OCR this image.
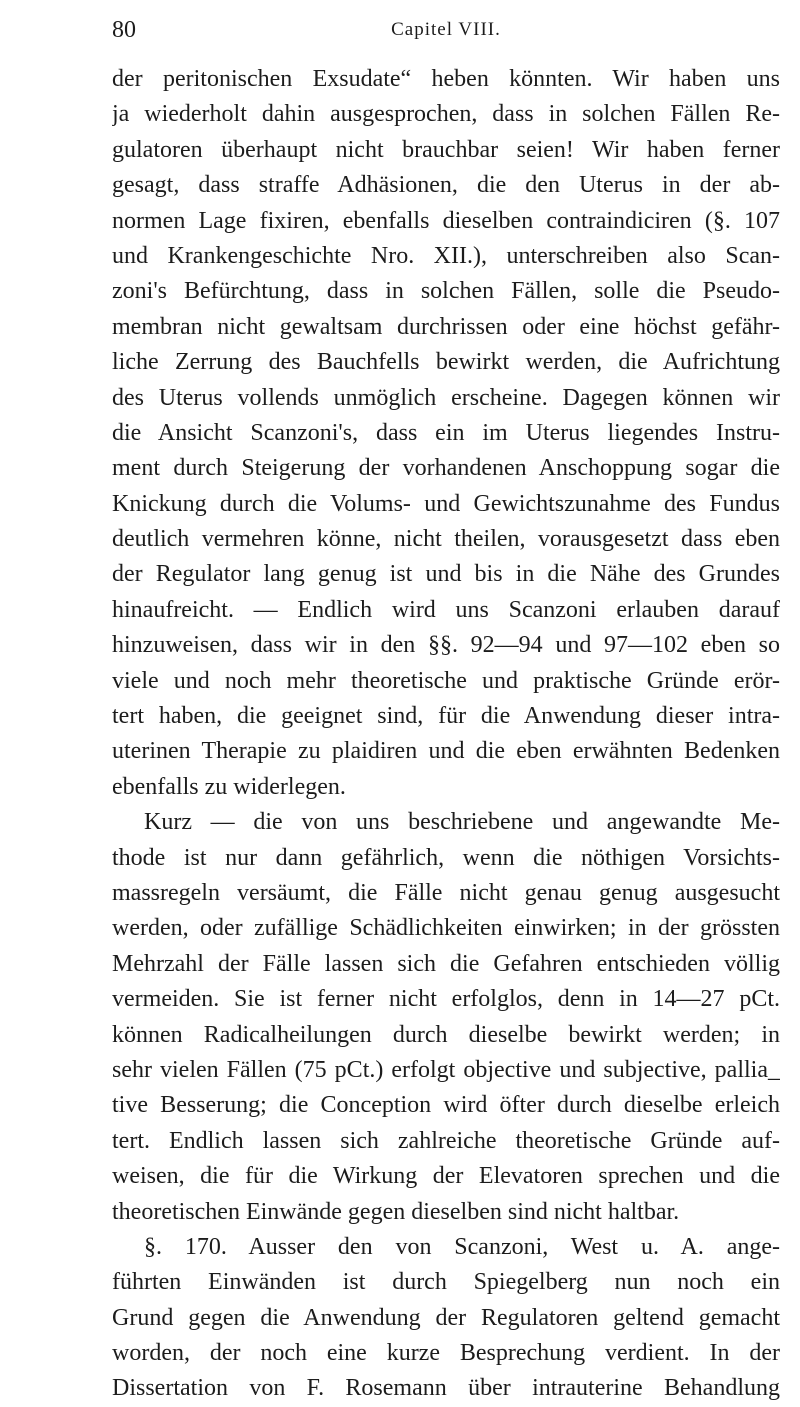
80	Capitel VIII.
der peritonischen Exsudate“ heben könnten. Wir haben uns
ja wiederholt dahin ausgesprochen, dass in solchen Fällen Re-
gulatoren überhaupt nicht brauchbar seien! Wir haben ferner
gesagt, dass straffe Adhäsionen, die den Uterus in der ab-
normen Lage fixiren, ebenfalls dieselben contraindiciren (§. 107
und Krankengeschichte Nro. XII.), unterschreiben also Scan-
zoni's Befürchtung, dass in solchen Fällen, solle die Pseudo-
membran nicht gewaltsam durchrissen oder eine höchst gefähr-
liche Zerrung des Bauchfells bewirkt werden, die Aufrichtung
des Uterus vollends unmöglich erscheine. Dagegen können wir
die Ansicht Scanzoni's, dass ein im Uterus liegendes Instru-
ment durch Steigerung der vorhandenen Anschoppung sogar die
Knickung durch die Volums- und Gewichtszunahme des Fundus
deutlich vermehren könne, nicht theilen, vorausgesetzt dass eben
der Regulator lang genug ist und bis in die Nähe des Grundes
hinaufreicht. — Endlich wird uns Scanzoni erlauben darauf
hinzuweisen, dass wir in den §§. 92—94 und 97—102 eben so
viele und noch mehr theoretische und praktische Gründe erör-
tert haben, die geeignet sind, für die Anwendung dieser intra-
uterinen Therapie zu plaidiren und die eben erwähnten Bedenken
ebenfalls zu widerlegen.
Kurz — die von uns beschriebene und angewandte Me-
thode ist nur dann gefährlich, wenn die nöthigen Vorsichts-
massregeln versäumt, die Fälle nicht genau genug ausgesucht
werden, oder zufällige Schädlichkeiten einwirken; in der grössten
Mehrzahl der Fälle lassen sich die Gefahren entschieden völlig
vermeiden. Sie ist ferner nicht erfolglos, denn in 14—27 pCt.
können Radicalheilungen durch dieselbe bewirkt werden; in
sehr vielen Fällen (75 pCt.) erfolgt objective und subjective, pallia_
tive Besserung; die Conception wird öfter durch dieselbe erleich
tert. Endlich lassen sich zahlreiche theoretische Gründe auf-
weisen, die für die Wirkung der Elevatoren sprechen und die
theoretischen Einwände gegen dieselben sind nicht haltbar.
§. 170. Ausser den von Scanzoni, West u. A. ange-
führten Einwänden ist durch Spiegelberg nun noch ein
Grund gegen die Anwendung der Regulatoren geltend gemacht
worden, der noch eine kurze Besprechung verdient. In der
Dissertation von F. Rosemann über intrauterine Behandlung
